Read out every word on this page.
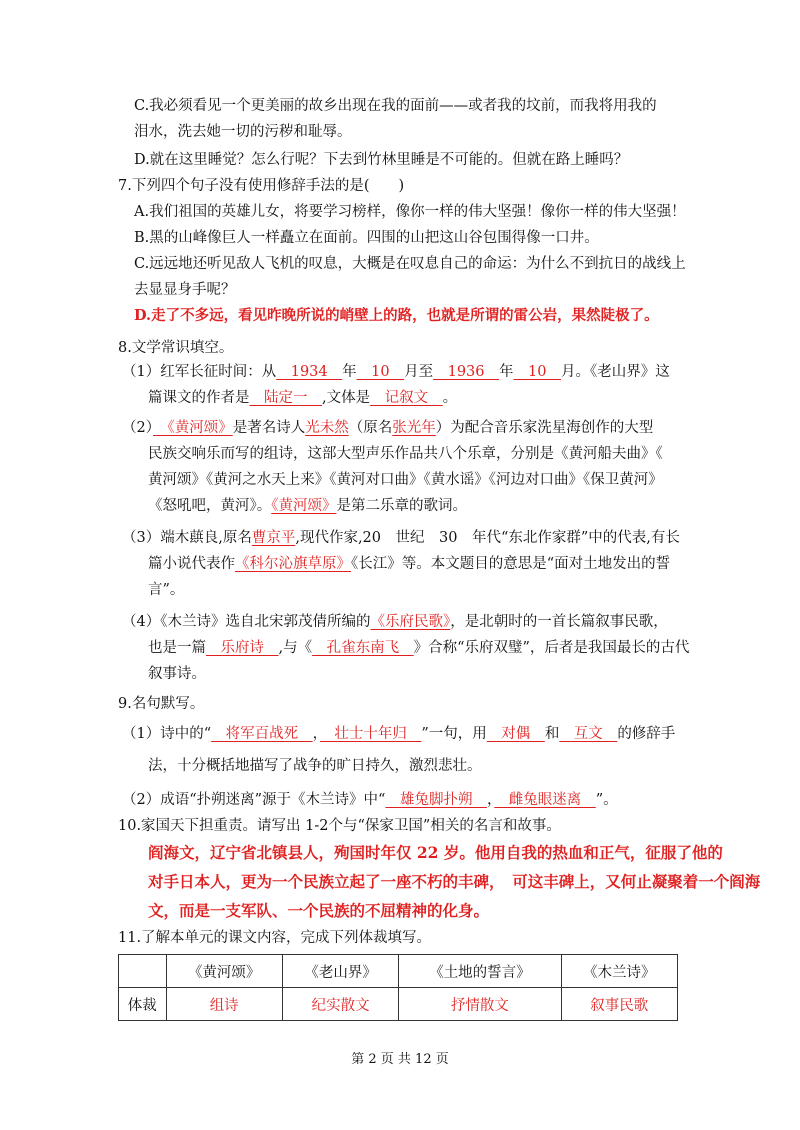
C.我必须看见一个更美丽的故乡出现在我的面前——或者我的坟前，而我将用我的
泪水，洗去她一切的污秽和耻辱。
D.就在这里睡觉？怎么行呢？下去到竹林里睡是不可能的。但就在路上睡吗？
7.下列四个句子没有使用修辞手法的是(　　)
A.我们祖国的英雄儿女，将要学习榜样，像你一样的伟大坚强！像你一样的伟大坚强！
B.黑的山峰像巨人一样矗立在面前。四围的山把这山谷包围得像一口井。
C.远远地还听见敌人飞机的叹息，大概是在叹息自己的命运：为什么不到抗日的战线上
去显显身手呢？
D.走了不多远，看见昨晚所说的峭壁上的路，也就是所谓的雷公岩，果然陡极了。
8.文学常识填空。
（1）红军长征时间：从　1934　年　10　月至　1936　年　10　月。《老山界》这
篇课文的作者是　陆定一　,文体是　记叙文　。
（2）　《黄河颂》是著名诗人光未然（原名张光年）为配合音乐家洗星海创作的大型
民族交响乐而写的组诗，这部大型声乐作品共八个乐章，分别是《黄河船夫曲》《
黄河颂》《黄河之水天上来》《黄河对口曲》《黄水谣》《河边对口曲》《保卫黄河》
《怒吼吧，黄河》。《黄河颂》是第二乐章的歌词。
（3）端木蕻良,原名曹京平,现代作家,20　世纪　30　年代“东北作家群”中的代表,有长
篇小说代表作《科尔沁旗草原》《长江》等。本文题目的意思是“面对土地发出的誓
言”。
（4）《木兰诗》选自北宋郭茂倩所编的《乐府民歌》，是北朝时的一首长篇叙事民歌，
也是一篇　乐府诗　,与《　孔雀东南飞　》合称“乐府双璧”，后者是我国最长的古代
叙事诗。
9.名句默写。
（1）诗中的“　将军百战死　，　壮士十年归　”一句，用　对偶　和　互文　的修辞手
法，十分概括地描写了战争的旷日持久，激烈悲壮。
（2）成语“扑朔迷离”源于《木兰诗》中“　雄兔脚扑朔　，　雌兔眼迷离　”。
10.家国天下担重责。请写出 1-2个与“保家卫国”相关的名言和故事。
阎海文，辽宁省北镇县人，殉国时年仅 22 岁。他用自我的热血和正气，征服了他的
对手日本人，更为一个民族立起了一座不朽的丰碑，　可这丰碑上，又何止凝聚着一个阎海
文，而是一支军队、一个民族的不屈精神的化身。
11.了解本单元的课文内容，完成下列体裁填写。
	《黄河颂》	《老山界》	《土地的誓言》	《木兰诗》
体裁	组诗	纪实散文	抒情散文	叙事民歌
第 2 页 共 12 页
